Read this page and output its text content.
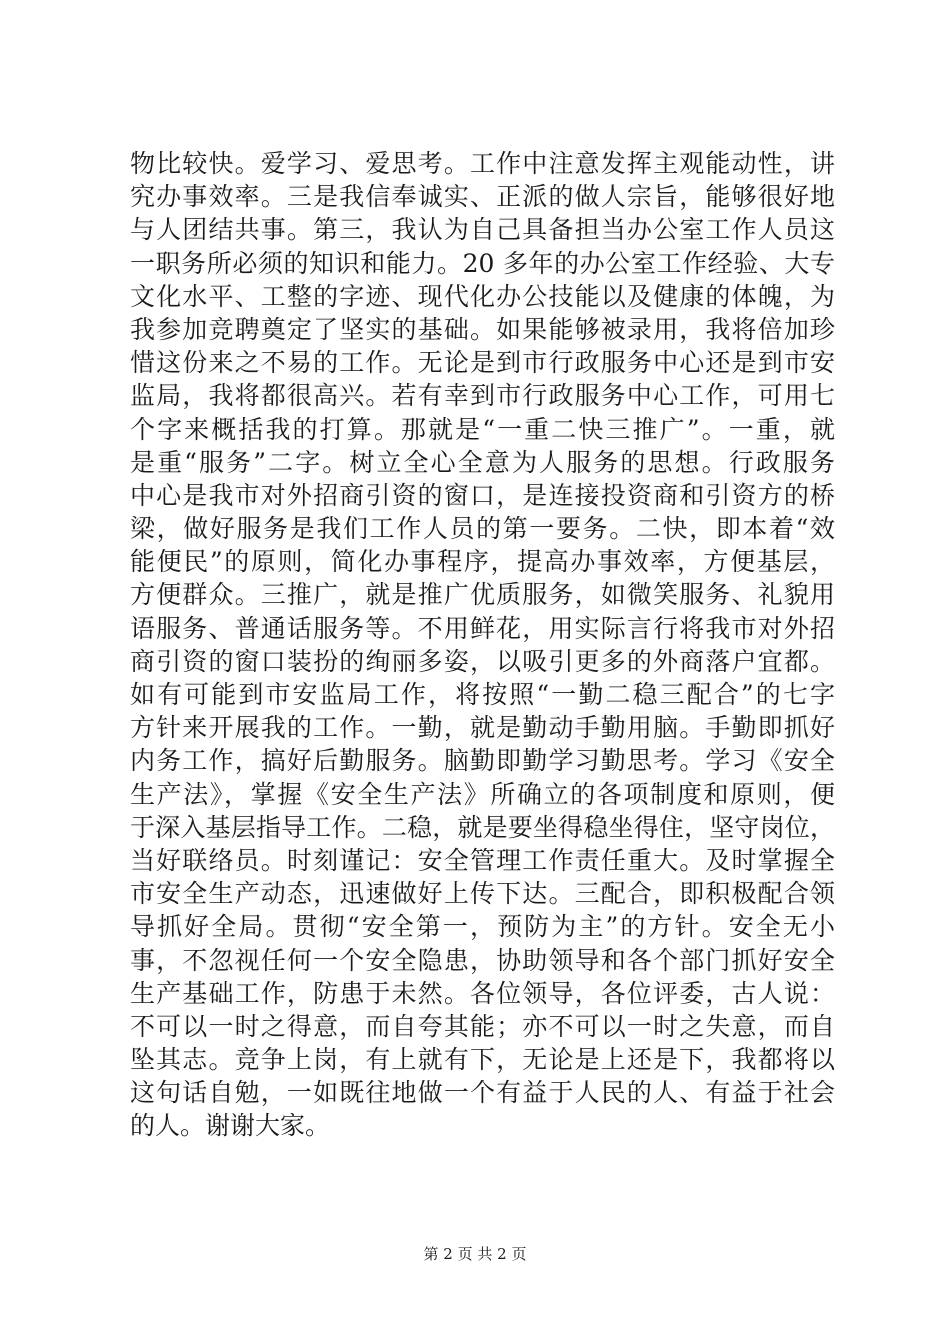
物比较快。爱学习、爱思考。工作中注意发挥主观能动性，讲
究办事效率。三是我信奉诚实、正派的做人宗旨，能够很好地
与人团结共事。第三，我认为自己具备担当办公室工作人员这
一职务所必须的知识和能力。20 多年的办公室工作经验、大专
文化水平、工整的字迹、现代化办公技能以及健康的体魄，为
我参加竞聘奠定了坚实的基础。如果能够被录用，我将倍加珍
惜这份来之不易的工作。无论是到市行政服务中心还是到市安
监局，我将都很高兴。若有幸到市行政服务中心工作，可用七
个字来概括我的打算。那就是“一重二快三推广”。一重，就
是重“服务”二字。树立全心全意为人服务的思想。行政服务
中心是我市对外招商引资的窗口，是连接投资商和引资方的桥
梁，做好服务是我们工作人员的第一要务。二快，即本着“效
能便民”的原则，简化办事程序，提高办事效率，方便基层，
方便群众。三推广，就是推广优质服务，如微笑服务、礼貌用
语服务、普通话服务等。不用鲜花，用实际言行将我市对外招
商引资的窗口装扮的绚丽多姿，以吸引更多的外商落户宜都。
如有可能到市安监局工作，将按照“一勤二稳三配合”的七字
方针来开展我的工作。一勤，就是勤动手勤用脑。手勤即抓好
内务工作，搞好后勤服务。脑勤即勤学习勤思考。学习《安全
生产法》，掌握《安全生产法》所确立的各项制度和原则，便
于深入基层指导工作。二稳，就是要坐得稳坐得住，坚守岗位，
当好联络员。时刻谨记：安全管理工作责任重大。及时掌握全
市安全生产动态，迅速做好上传下达。三配合，即积极配合领
导抓好全局。贯彻“安全第一，预防为主”的方针。安全无小
事，不忽视任何一个安全隐患，协助领导和各个部门抓好安全
生产基础工作，防患于未然。各位领导，各位评委，古人说：
不可以一时之得意，而自夸其能；亦不可以一时之失意，而自
坠其志。竞争上岗，有上就有下，无论是上还是下，我都将以
这句话自勉，一如既往地做一个有益于人民的人、有益于社会
的人。谢谢大家。
第 2 页 共 2 页
